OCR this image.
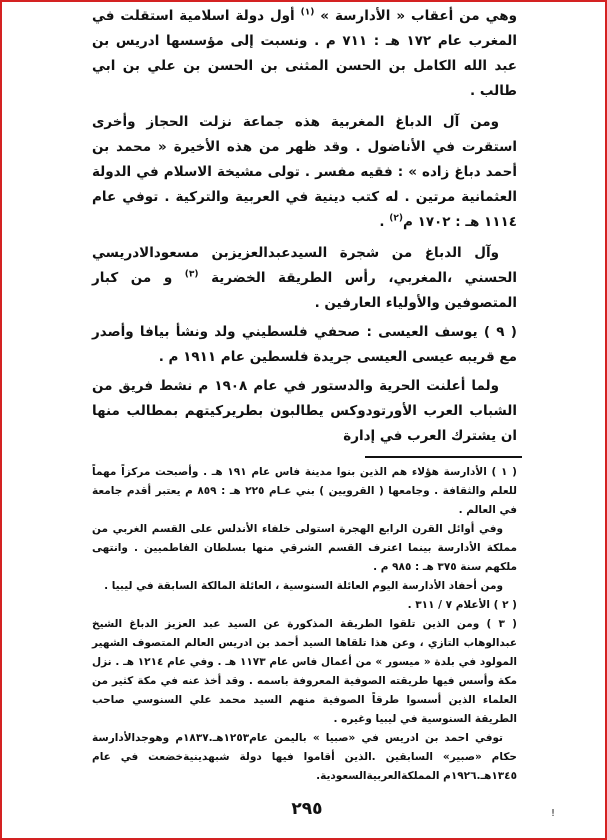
وهي من أعقاب « الأدارسة » $^{(١)}$ أول دولة اسلامية استقلت في المغرب عام ١٧٢ هـ : ٧١١ م . ونسبت إلى مؤسسها ادريس بن عبد الله الكامل بن الحسن المثنى بن الحسن بن علي بن ابي طالب .

ومن آل الدباغ المغربية هذه جماعة نزلت الحجاز وأخرى استقرت في الأناضول . وقد ظهر من هذه الأخيرة « محمد بن أحمد دباغ زاده » : فقيه مفسر . تولى مشيخة الاسلام في الدولة العثمانية مرتين . له كتب دينية في العربية والتركية . توفي عام ١١١٤ هـ : ١٧٠٢ م$^{(٢)}$ .

وآل الدباغ من شجرة السيدعبدالعزيزبن مسعودالادريسي الحسني ،المغربي، رأس الطريقة الخضرية $^{(٣)}$ و من كبار المتصوفين والأولياء العارفين .

( ٩ ) يوسف العيسى : صحفي فلسطيني ولد ونشأ بيافا وأصدر مع قريبه عيسى العيسى جريدة فلسطين عام ١٩١١ م .

ولما أعلنت الحرية والدستور في عام ١٩٠٨ م نشط فريق من الشباب العرب الأورتودوكس يطالبون بطريركيتهم بمطالب منها ان يشترك العرب في إدارة

( ١ ) الأدارسة هؤلاء هم الذين بنوا مدينة فاس عام ١٩١ هـ . وأصبحت مركزاً مهماً للعلم والثقافة . وجامعها ( القرويين ) بني عـام ٢٢٥ هـ : ٨٥٩ م يعتبر أقدم جامعة في العالم .

وفي أوائل القرن الرابع الهجرة استولى خلفاء الأندلس على القسم الغربي من مملكة الأدارسة بينما اعترف القسم الشرقي منها بسلطان الفاطميين . وانتهى ملكهم سنة ٣٧٥ هـ : ٩٨٥ م .

ومن أحفاد الأدارسة اليوم العائلة السنوسية ، العائلة المالكة السابقة في ليبيا .

( ٢ ) الأعلام ٧ / ٣١١ .

( ٣ ) ومن الذين تلقوا الطريقة المذكورة عن السيد عبد العزيز الدباغ الشيخ عبدالوهاب التازي ، وعن هذا تلقاها السيد أحمد بن ادريس العالم المتصوف الشهير المولود في بلدة « ميسور » من أعمال فاس عام ١١٧٣ هـ . وفي عام ١٢١٤ هـ . نزل مكة وأسس فيها طريقته الصوفية المعروفة باسمه . وقد أخذ عنه في مكة كثير من العلماء الذين أسسوا طرقاً الصوفية منهم السيد محمد علي السنوسي صاحب الطريقة السنوسية في ليبيا وغيره .

توفي احمد بن ادريس في «صبيا » باليمن عام١٢٥٣هـ.١٨٣٧م وهوجدالأدارسة حكام «صبير» السابقين .الذين أقاموا فيها دولة شبهدينيةخضعت في عام ١٣٤٥هـ.١٩٢٦م المملكةالعربيةالسعودية.

٢٩٥	!
